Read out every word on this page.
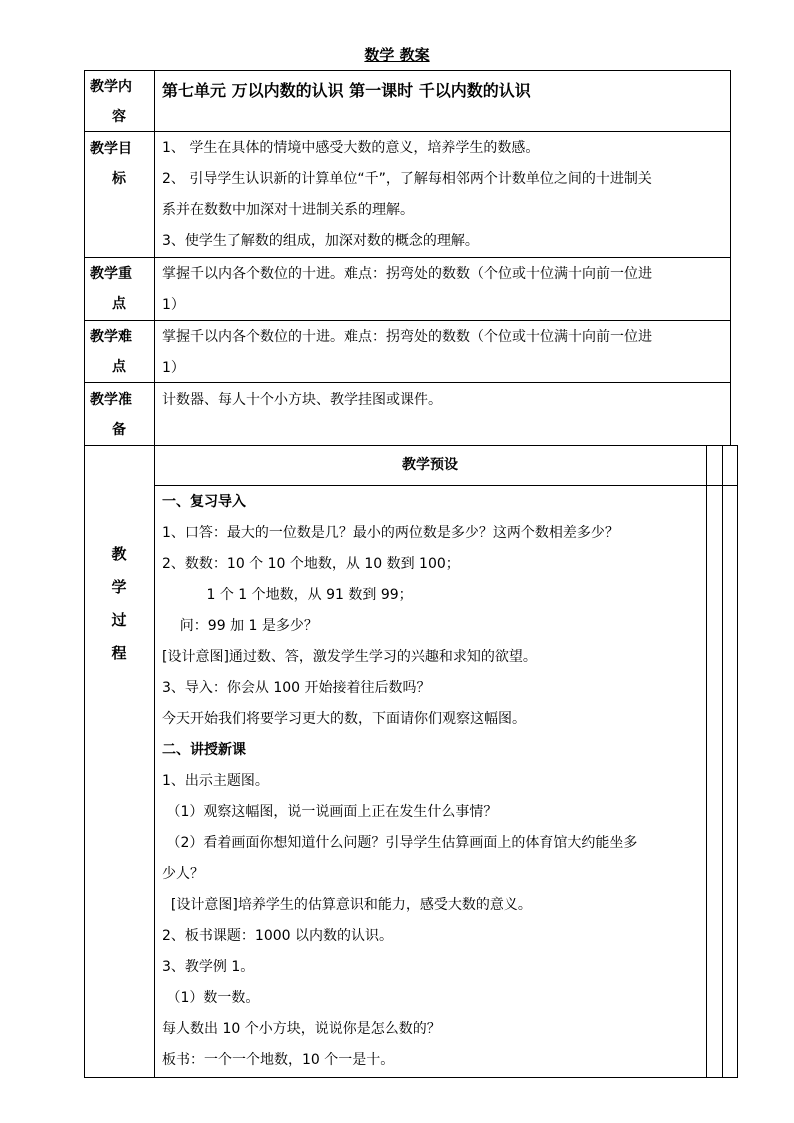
数学 教案
教学内
容
第七单元 万以内数的认识 第一课时 千以内数的认识
教学目
标
1、 学生在具体的情境中感受大数的意义，培养学生的数感。
2、 引导学生认识新的计算单位“千”，了解每相邻两个计数单位之间的十进制关
系并在数数中加深对十进制关系的理解。
3、使学生了解数的组成，加深对数的概念的理解。
教学重
点
掌握千以内各个数位的十进。难点：拐弯处的数数（个位或十位满十向前一位进
1）
教学难
点
掌握千以内各个数位的十进。难点：拐弯处的数数（个位或十位满十向前一位进
1）
教学准
备
计数器、每人十个小方块、教学挂图或课件。
教
学
过
程
教学预设
一、复习导入
1、口答：最大的一位数是几？最小的两位数是多少？这两个数相差多少？
2、数数：10 个 10 个地数，从 10 数到 100；
1 个 1 个地数，从 91 数到 99；
问：99 加 1 是多少？
[设计意图]通过数、答，激发学生学习的兴趣和求知的欲望。
3、导入：你会从 100 开始接着往后数吗？
今天开始我们将要学习更大的数，下面请你们观察这幅图。
二、讲授新课
1、出示主题图。
（1）观察这幅图，说一说画面上正在发生什么事情？
（2）看着画面你想知道什么问题？引导学生估算画面上的体育馆大约能坐多
少人？
[设计意图]培养学生的估算意识和能力，感受大数的意义。
2、板书课题：1000 以内数的认识。
3、教学例 1。
（1）数一数。
每人数出 10 个小方块，说说你是怎么数的？
板书：一个一个地数，10 个一是十。
